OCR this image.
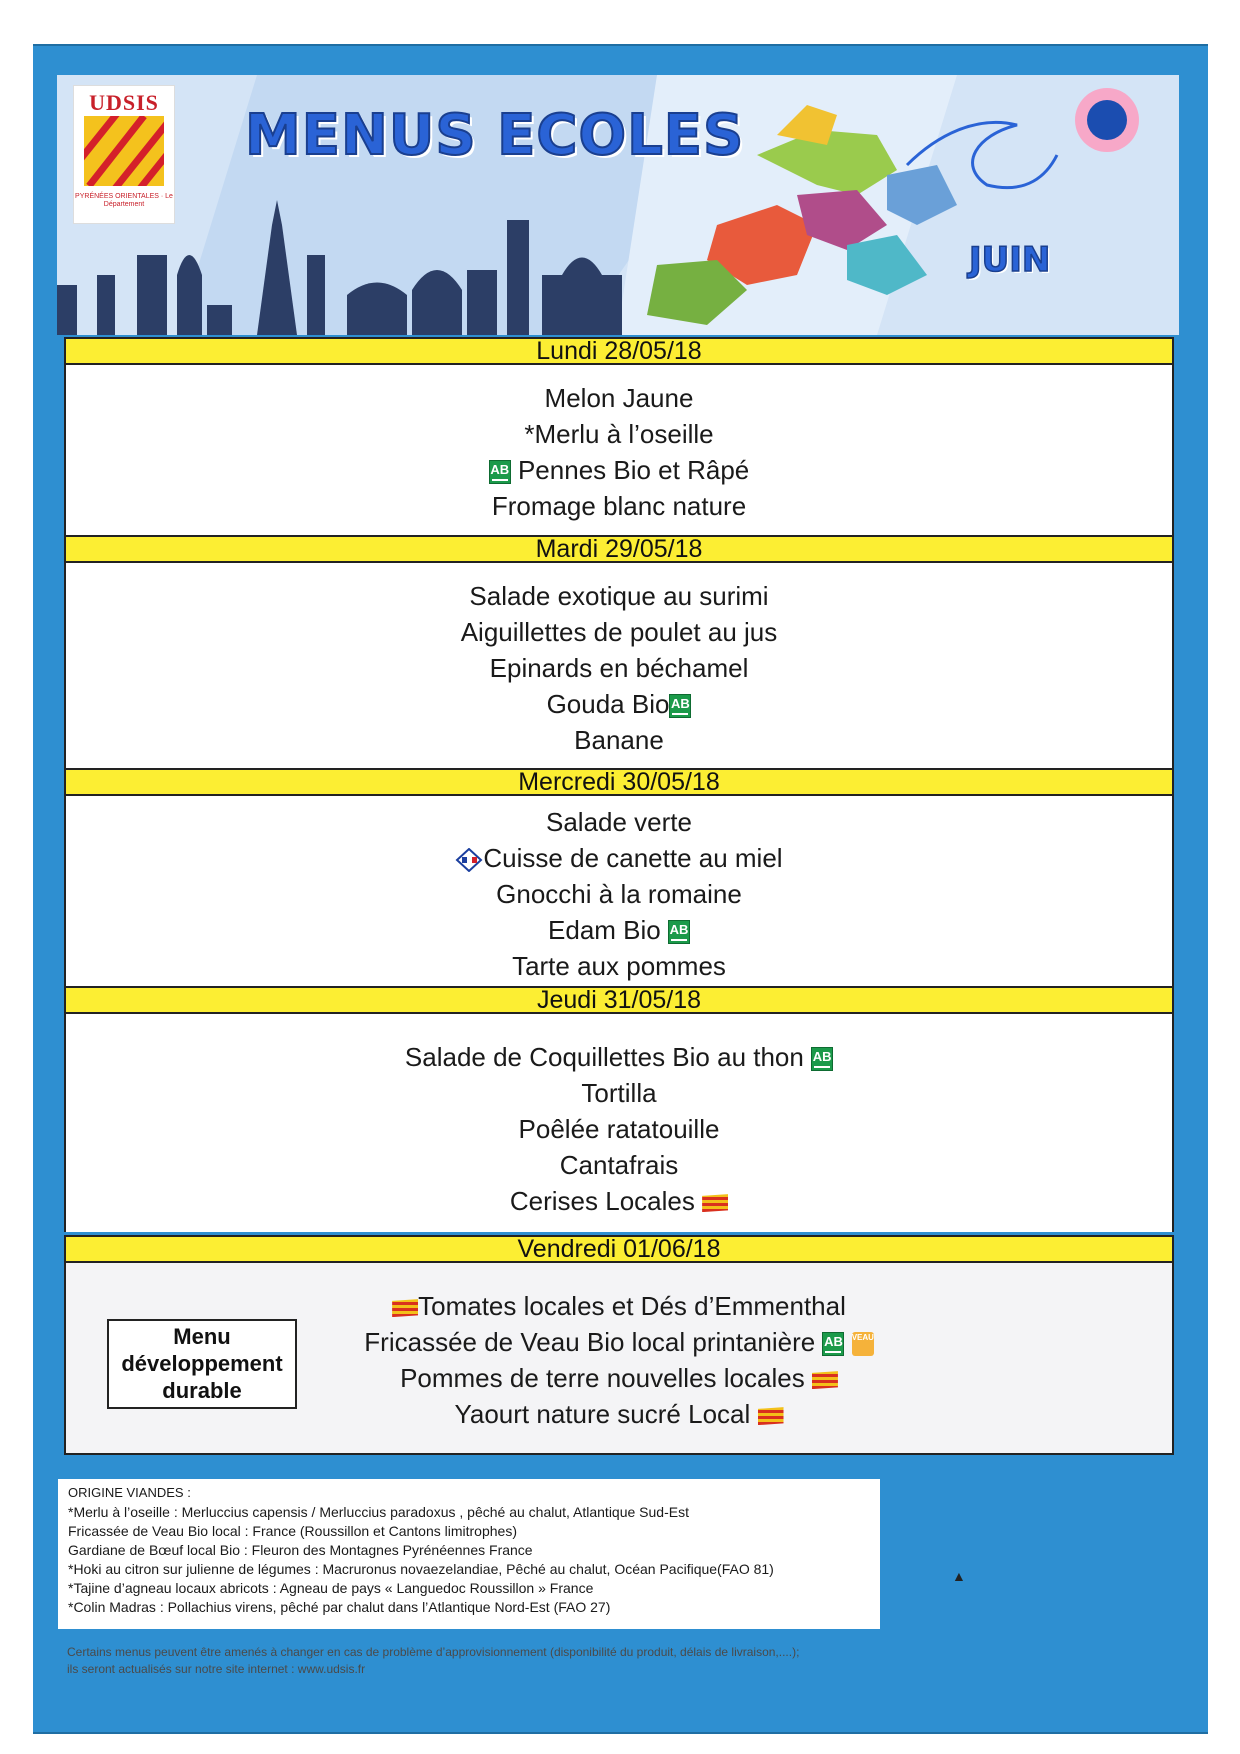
UDSIS
PYRÉNÉES ORIENTALES · Le Département
MENUS ECOLES
JUIN
Lundi 28/05/18
Melon Jaune
*Merlu à l’oseille
AB Pennes Bio et Râpé
Fromage blanc nature
Mardi 29/05/18
Salade exotique au surimi
Aiguillettes de poulet au jus
Epinards en béchamel
Gouda Bio AB
Banane
Mercredi 30/05/18
Salade verte
Cuisse de canette au miel
Gnocchi à la romaine
Edam Bio AB
Tarte aux pommes
Jeudi 31/05/18
Salade de Coquillettes Bio au thon AB
Tortilla
Poêlée ratatouille
Cantafrais
Cerises Locales
Vendredi 01/06/18
Tomates locales et Dés d’Emmenthal
Fricassée de Veau Bio local printanière AB VEAU
Pommes de terre nouvelles locales
Yaourt nature sucré Local
Menu développement durable
ORIGINE VIANDES :
*Merlu à l’oseille : Merluccius capensis / Merluccius paradoxus , pêché au chalut, Atlantique Sud-Est
Fricassée de Veau Bio local : France (Roussillon et Cantons limitrophes)
Gardiane de Bœuf local Bio : Fleuron des Montagnes Pyrénéennes France
*Hoki au citron sur julienne de légumes : Macruronus novaezelandiae, Pêché au chalut, Océan Pacifique(FAO 81)
*Tajine d’agneau locaux abricots : Agneau de pays « Languedoc Roussillon » France
*Colin Madras : Pollachius virens, pêché par chalut dans l’Atlantique Nord-Est (FAO 27)
▲
Certains menus peuvent être amenés à changer en cas de problème d’approvisionnement (disponibilité du produit, délais de livraison,....);
ils seront actualisés sur notre site internet : www.udsis.fr
